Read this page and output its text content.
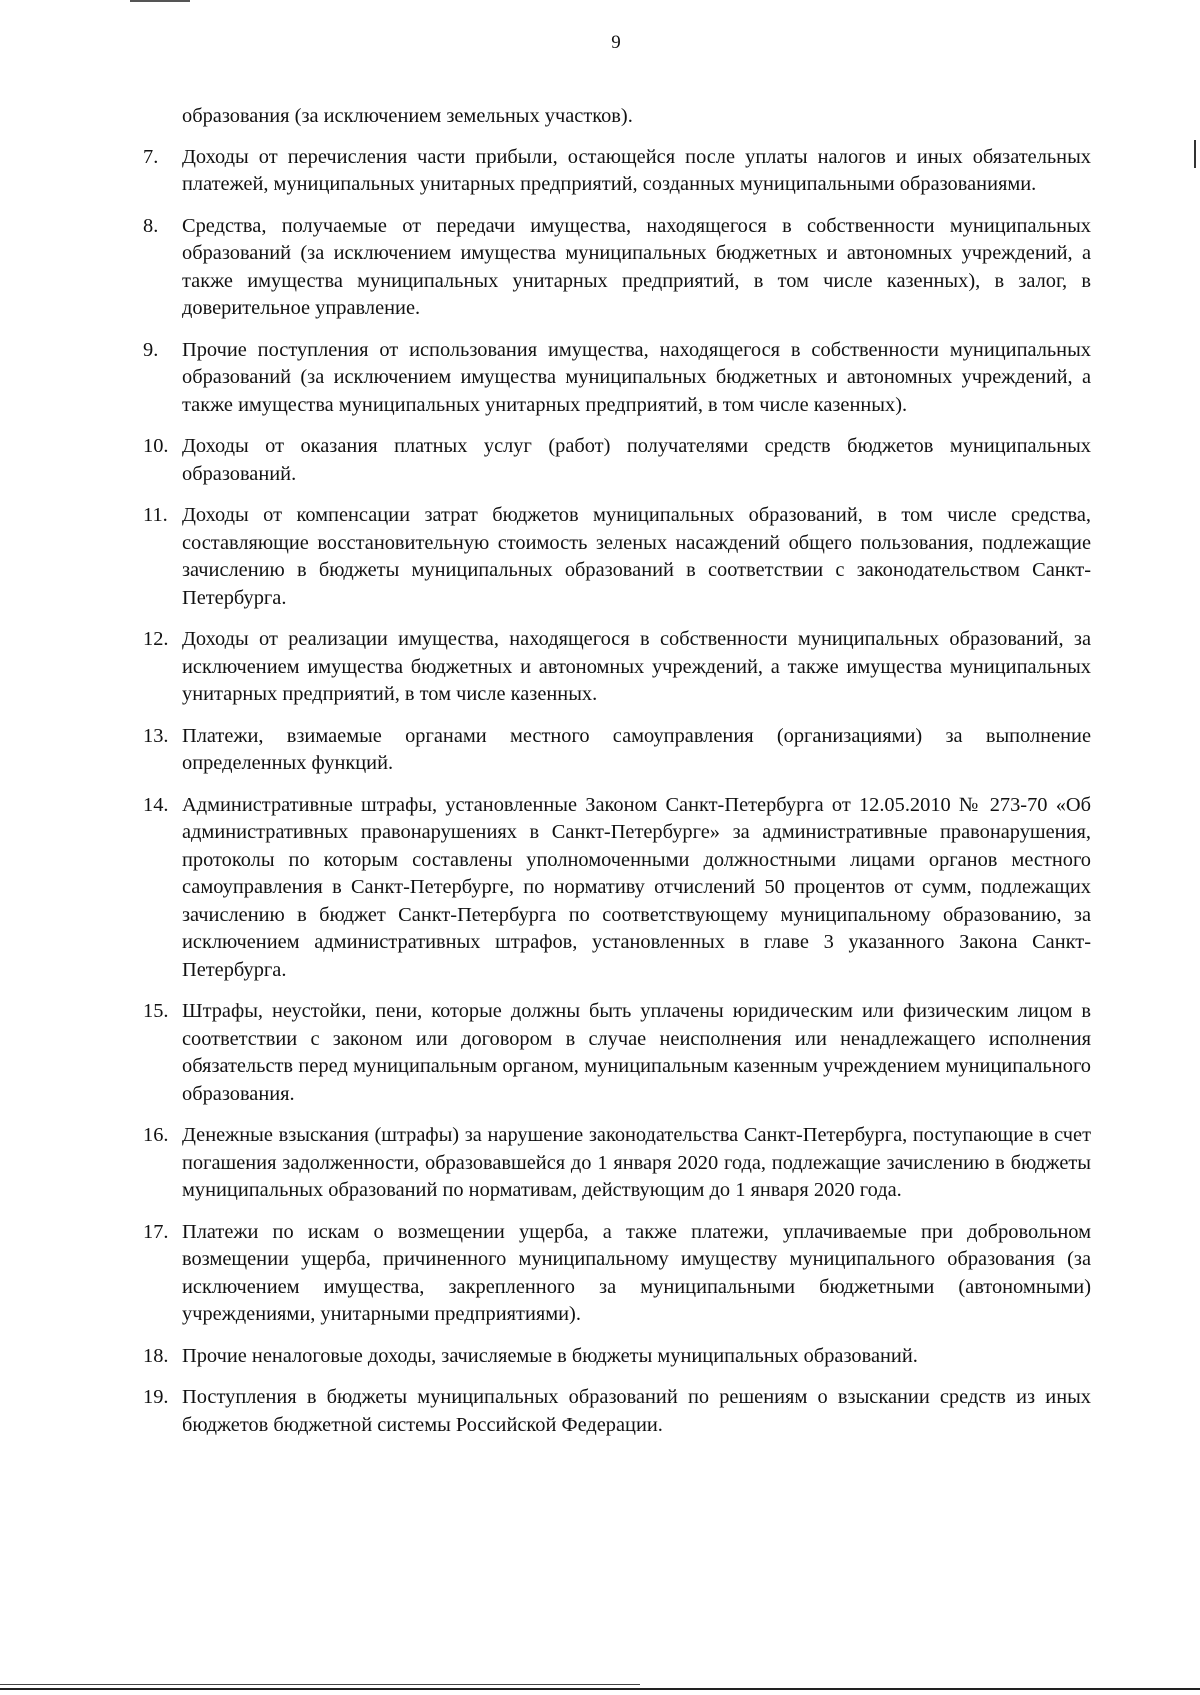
9

образования (за исключением земельных участков).

7.	Доходы от перечисления части прибыли, остающейся после уплаты налогов и иных обязательных платежей, муниципальных унитарных предприятий, созданных муниципальными образованиями.
8.	Средства, получаемые от передачи имущества, находящегося в собственности муниципальных образований (за исключением имущества муниципальных бюджетных и автономных учреждений, а также имущества муниципальных унитарных предприятий, в том числе казенных), в залог, в доверительное управление.
9.	Прочие поступления от использования имущества, находящегося в собственности муниципальных образований (за исключением имущества муниципальных бюджетных и автономных учреждений, а также имущества муниципальных унитарных предприятий, в том числе казенных).
10. Доходы от оказания платных услуг (работ) получателями средств бюджетов муниципальных образований.
11. Доходы от компенсации затрат бюджетов муниципальных образований, в том числе средства, составляющие восстановительную стоимость зеленых насаждений общего пользования, подлежащие зачислению в бюджеты муниципальных образований в соответствии с законодательством Санкт-Петербурга.
12. Доходы от реализации имущества, находящегося в собственности муниципальных образований, за исключением имущества бюджетных и автономных учреждений, а также имущества муниципальных унитарных предприятий, в том числе казенных.
13. Платежи, взимаемые органами местного самоуправления (организациями) за выполнение определенных функций.
14. Административные штрафы, установленные Законом Санкт-Петербурга от 12.05.2010 № 273-70 «Об административных правонарушениях в Санкт-Петербурге» за административные правонарушения, протоколы по которым составлены уполномоченными должностными лицами органов местного самоуправления в Санкт-Петербурге, по нормативу отчислений 50 процентов от сумм, подлежащих зачислению в бюджет Санкт-Петербурга по соответствующему муниципальному образованию, за исключением административных штрафов, установленных в главе 3 указанного Закона Санкт-Петербурга.
15. Штрафы, неустойки, пени, которые должны быть уплачены юридическим или физическим лицом в соответствии с законом или договором в случае неисполнения или ненадлежащего исполнения обязательств перед муниципальным органом, муниципальным казенным учреждением муниципального образования.
16. Денежные взыскания (штрафы) за нарушение законодательства Санкт-Петербурга, поступающие в счет погашения задолженности, образовавшейся до 1 января 2020 года, подлежащие зачислению в бюджеты муниципальных образований по нормативам, действующим до 1 января 2020 года.
17. Платежи по искам о возмещении ущерба, а также платежи, уплачиваемые при добровольном возмещении ущерба, причиненного муниципальному имуществу муниципального образования (за исключением имущества, закрепленного за муниципальными бюджетными (автономными) учреждениями, унитарными предприятиями).
18. Прочие неналоговые доходы, зачисляемые в бюджеты муниципальных образований.
19. Поступления в бюджеты муниципальных образований по решениям о взыскании средств из иных бюджетов бюджетной системы Российской Федерации.
